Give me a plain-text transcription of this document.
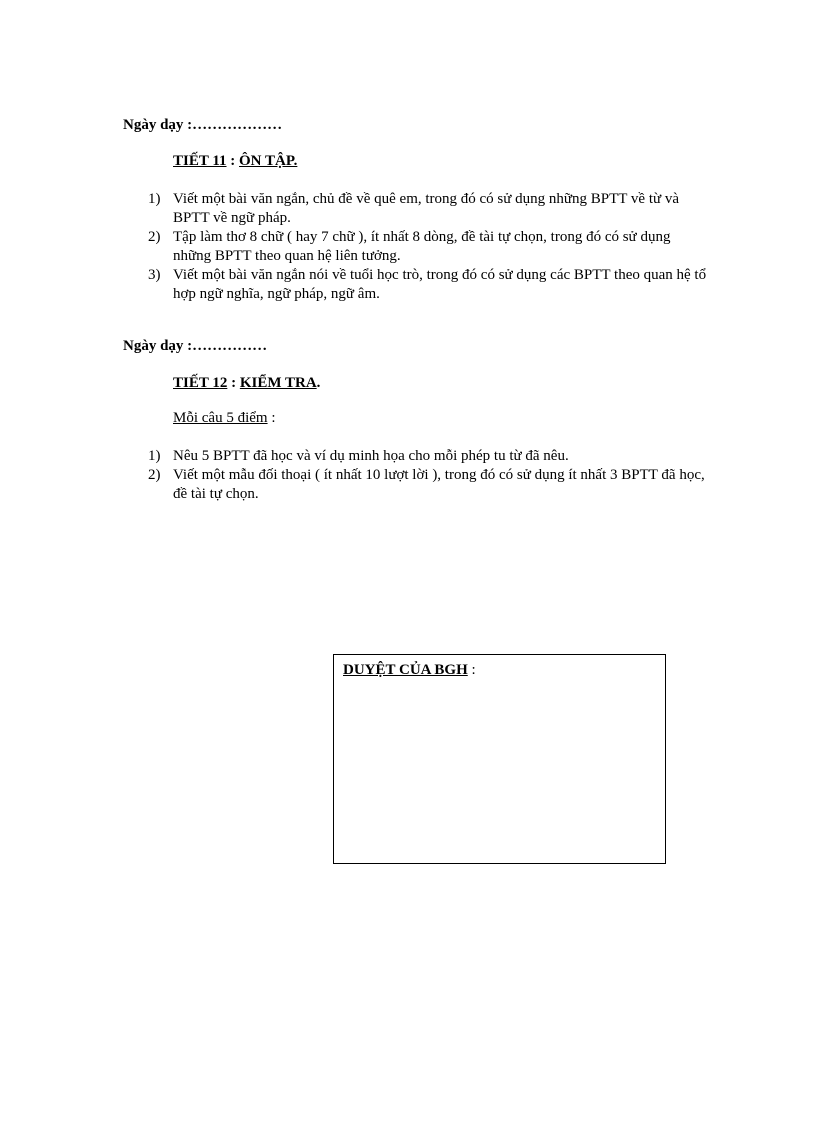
Ngày dạy :………………
TIẾT 11 : ÔN TẬP.
1) Viết một bài văn ngắn, chủ đề về quê em, trong đó có sử dụng những BPTT về từ và BPTT về ngữ pháp.
2) Tập làm thơ 8 chữ ( hay 7 chữ ), ít nhất 8 dòng, đề tài tự chọn, trong đó có sử dụng những BPTT theo quan hệ liên tưởng.
3) Viết một bài văn ngắn nói về tuổi học trò, trong đó có sử dụng các BPTT theo quan hệ tổ hợp ngữ nghĩa, ngữ pháp, ngữ âm.
Ngày dạy :……………
TIẾT 12 : KIỂM TRA.
Mỗi câu 5 điểm :
1) Nêu 5 BPTT đã học và ví dụ minh họa cho mỗi phép tu từ đã nêu.
2) Viết một mẫu đối thoại ( ít nhất 10 lượt lời ), trong đó có sử dụng ít nhất 3 BPTT đã học, đề tài tự chọn.
DUYỆT CỦA BGH :
